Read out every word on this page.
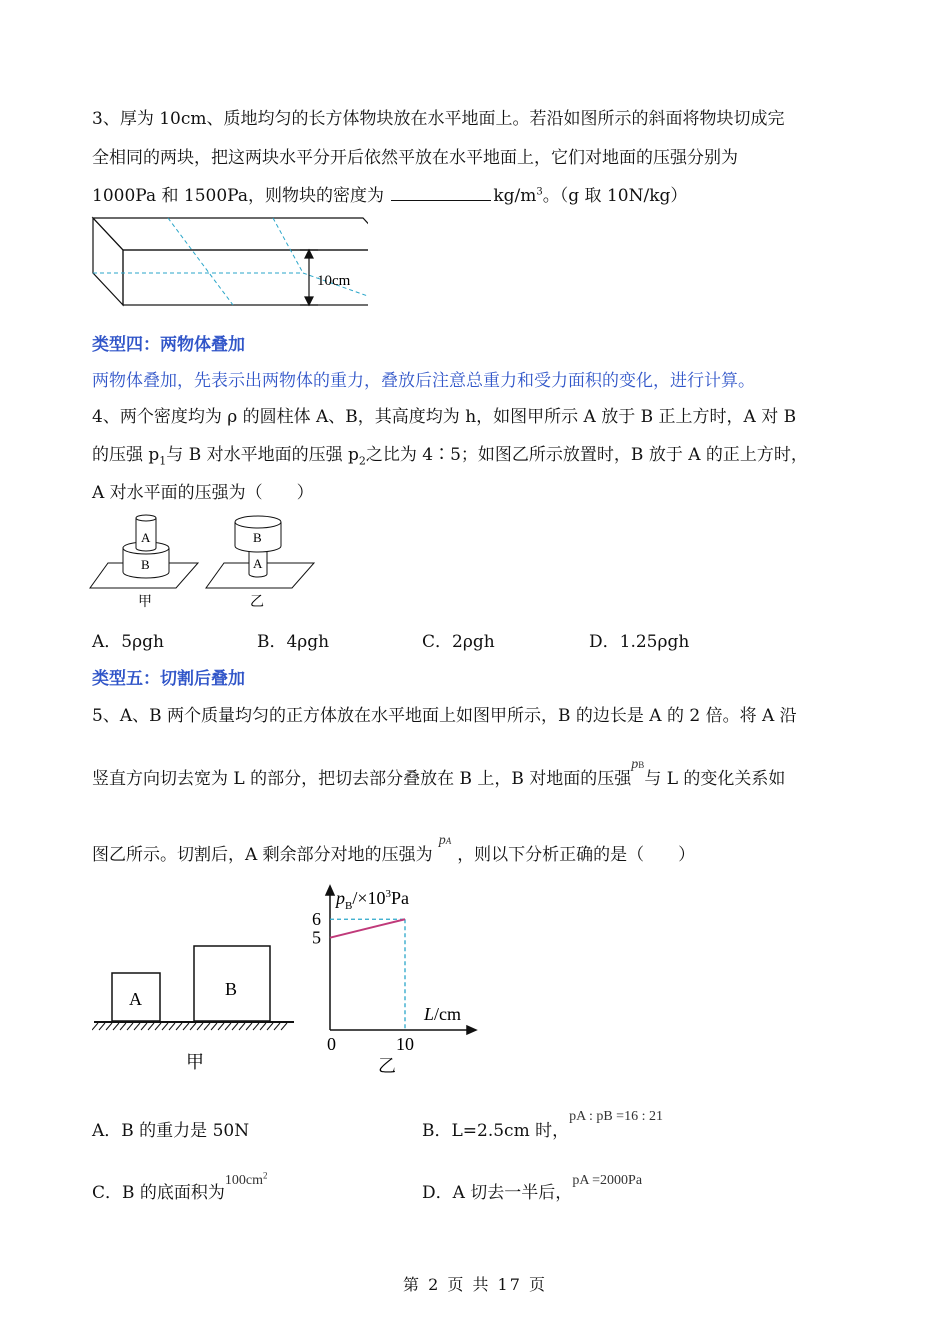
3、厚为 10cm、质地均匀的长方体物块放在水平地面上。若沿如图所示的斜面将物块切成完
全相同的两块，把这两块水平分开后依然平放在水平地面上，它们对地面的压强分别为
1000Pa 和 1500Pa，则物块的密度为	$kg/m^3$。（g 取 10N/kg）
10cm
类型四：两物体叠加
两物体叠加，先表示出两物体的重力，叠放后注意总重力和受力面积的变化，进行计算。
4、两个密度均为 ρ 的圆柱体 A、B，其高度均为 h，如图甲所示 A 放于 B 正上方时，A 对 B
的压强 $p_1$与 B 对水平地面的压强 $p_2$之比为 4∶5；如图乙所示放置时，B 放于 A 的正上方时，
A 对水平面的压强为（　　）
A
B
B
A
甲	乙
A．5ρgh	B．4ρgh	C．2ρgh	D．1.25ρgh
类型五：切割后叠加
5、A、B 两个质量均匀的正方体放在水平地面上如图甲所示，B 的边长是 A 的 2 倍。将 A 沿
竖直方向切去宽为 L 的部分，把切去部分叠放在 B 上，B 对地面的压强$^{pB}$与 L 的变化关系如
图乙所示。切割后，A 剩余部分对地的压强为$^{pA}$，则以下分析正确的是（　　）
A	B
甲
$p_B/\times 10^3Pa$
L/cm
6
5
0	10
乙
A．B 的重力是 50N	B．L=2.5cm 时，$^{pA : pB =16 : 21}$
C．B 的底面积为$^{100cm^2}$
D．A 切去一半后，$^{pA =2000Pa}$
第 2 页 共 17 页
